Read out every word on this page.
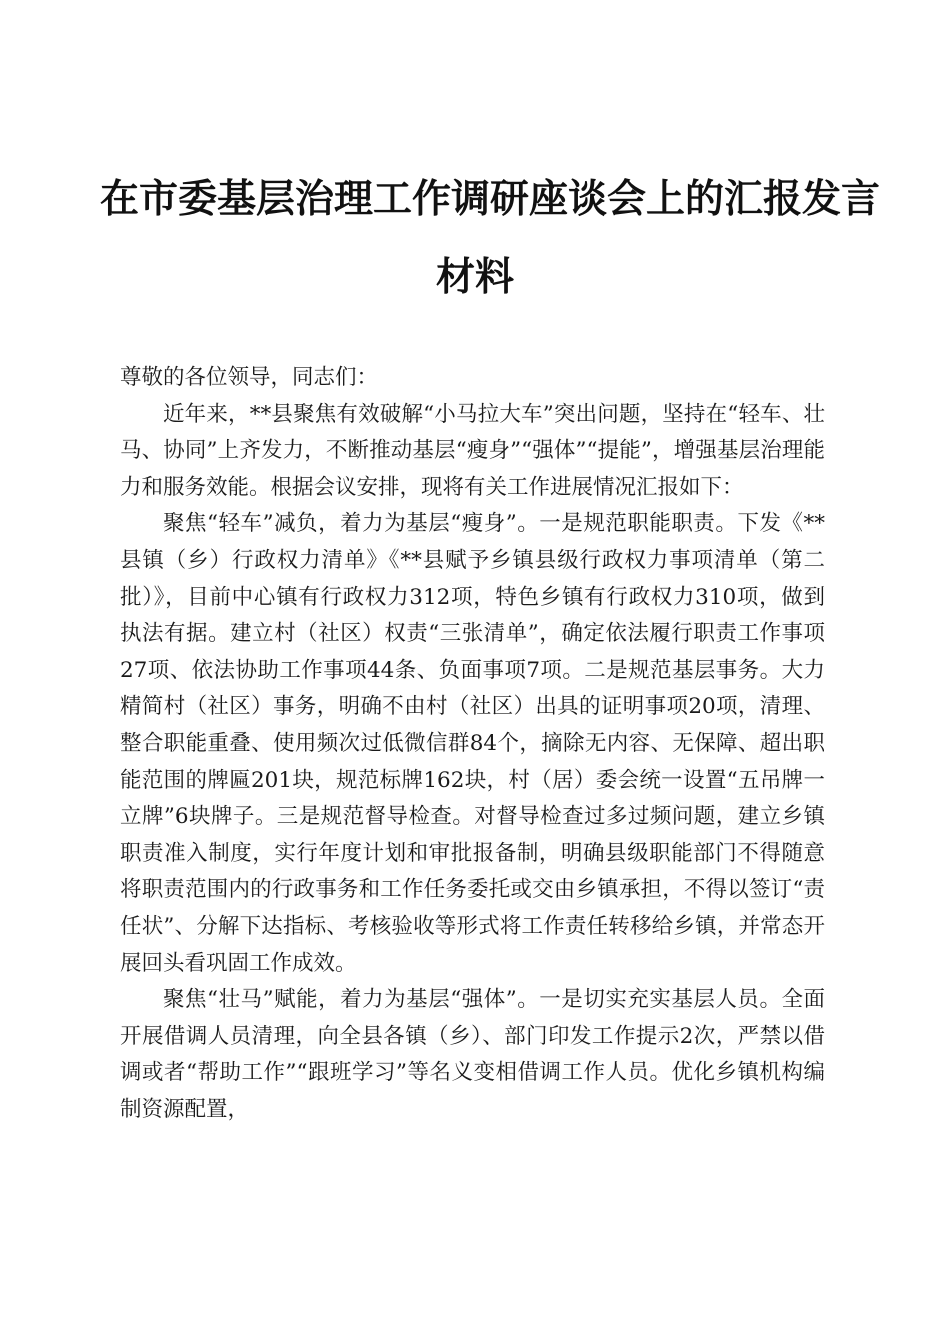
在市委基层治理工作调研座谈会上的汇报发言
材料

尊敬的各位领导，同志们：

近年来，**县聚焦有效破解“小马拉大车”突出问题，坚持在“轻车、壮马、协同”上齐发力，不断推动基层“瘦身”“强体”“提能”，增强基层治理能力和服务效能。根据会议安排，现将有关工作进展情况汇报如下：

聚焦“轻车”减负，着力为基层“瘦身”。一是规范职能职责。下发《**县镇（乡）行政权力清单》《**县赋予乡镇县级行政权力事项清单（第二批）》，目前中心镇有行政权力312项，特色乡镇有行政权力310项，做到执法有据。建立村（社区）权责“三张清单”，确定依法履行职责工作事项27项、依法协助工作事项44条、负面事项7项。二是规范基层事务。大力精简村（社区）事务，明确不由村（社区）出具的证明事项20项，清理、整合职能重叠、使用频次过低微信群84个，摘除无内容、无保障、超出职能范围的牌匾201块，规范标牌162块，村（居）委会统一设置“五吊牌一立牌”6块牌子。三是规范督导检查。对督导检查过多过频问题，建立乡镇职责准入制度，实行年度计划和审批报备制，明确县级职能部门不得随意将职责范围内的行政事务和工作任务委托或交由乡镇承担，不得以签订“责任状”、分解下达指标、考核验收等形式将工作责任转移给乡镇，并常态开展回头看巩固工作成效。

聚焦“壮马”赋能，着力为基层“强体”。一是切实充实基层人员。全面开展借调人员清理，向全县各镇（乡）、部门印发工作提示2次，严禁以借调或者“帮助工作”“跟班学习”等名义变相借调工作人员。优化乡镇机构编制资源配置，
